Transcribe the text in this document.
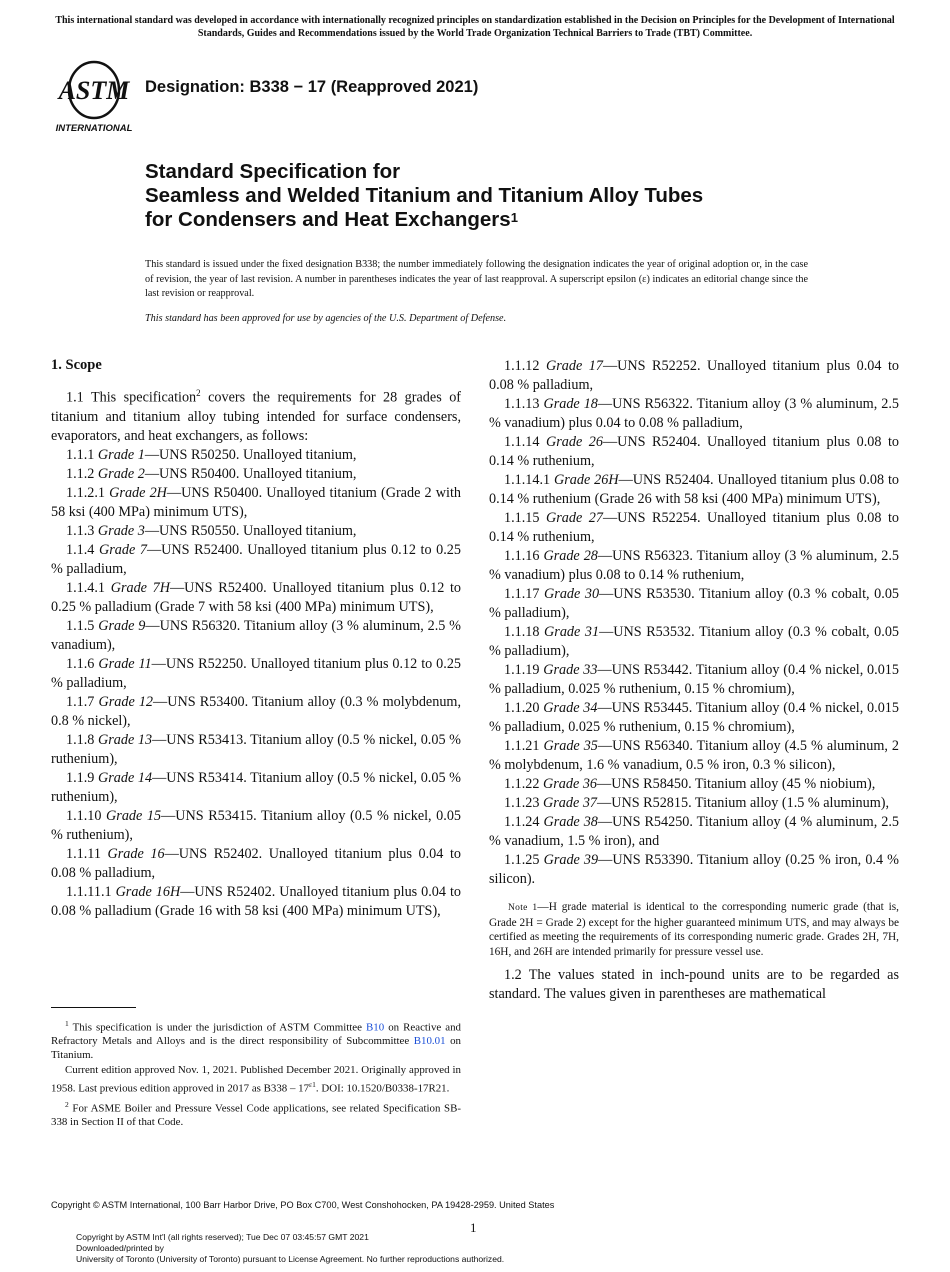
This international standard was developed in accordance with internationally recognized principles on standardization established in the Decision on Principles for the Development of International Standards, Guides and Recommendations issued by the World Trade Organization Technical Barriers to Trade (TBT) Committee.
ASTM
INTERNATIONAL
Designation: B338 − 17 (Reapproved 2021)
Standard Specification for
Seamless and Welded Titanium and Titanium Alloy Tubes
for Condensers and Heat Exchangers$^1$
This standard is issued under the fixed designation B338; the number immediately following the designation indicates the year of original adoption or, in the case of revision, the year of last revision. A number in parentheses indicates the year of last reapproval. A superscript epsilon (ε) indicates an editorial change since the last revision or reapproval.
This standard has been approved for use by agencies of the U.S. Department of Defense.
1. Scope

1.1 This specification$^2$ covers the requirements for 28 grades of titanium and titanium alloy tubing intended for surface condensers, evaporators, and heat exchangers, as follows:

1.1.1 Grade 1—UNS R50250. Unalloyed titanium,

1.1.2 Grade 2—UNS R50400. Unalloyed titanium,

1.1.2.1 Grade 2H—UNS R50400. Unalloyed titanium (Grade 2 with 58 ksi (400 MPa) minimum UTS),

1.1.3 Grade 3—UNS R50550. Unalloyed titanium,

1.1.4 Grade 7—UNS R52400. Unalloyed titanium plus 0.12 to 0.25 % palladium,

1.1.4.1 Grade 7H—UNS R52400. Unalloyed titanium plus 0.12 to 0.25 % palladium (Grade 7 with 58 ksi (400 MPa) minimum UTS),

1.1.5 Grade 9—UNS R56320. Titanium alloy (3 % aluminum, 2.5 % vanadium),

1.1.6 Grade 11—UNS R52250. Unalloyed titanium plus 0.12 to 0.25 % palladium,

1.1.7 Grade 12—UNS R53400. Titanium alloy (0.3 % molybdenum, 0.8 % nickel),

1.1.8 Grade 13—UNS R53413. Titanium alloy (0.5 % nickel, 0.05 % ruthenium),

1.1.9 Grade 14—UNS R53414. Titanium alloy (0.5 % nickel, 0.05 % ruthenium),

1.1.10 Grade 15—UNS R53415. Titanium alloy (0.5 % nickel, 0.05 % ruthenium),

1.1.11 Grade 16—UNS R52402. Unalloyed titanium plus 0.04 to 0.08 % palladium,

1.1.11.1 Grade 16H—UNS R52402. Unalloyed titanium plus 0.04 to 0.08 % palladium (Grade 16 with 58 ksi (400 MPa) minimum UTS),

1.1.12 Grade 17—UNS R52252. Unalloyed titanium plus 0.04 to 0.08 % palladium,

1.1.13 Grade 18—UNS R56322. Titanium alloy (3 % aluminum, 2.5 % vanadium) plus 0.04 to 0.08 % palladium,

1.1.14 Grade 26—UNS R52404. Unalloyed titanium plus 0.08 to 0.14 % ruthenium,

1.1.14.1 Grade 26H—UNS R52404. Unalloyed titanium plus 0.08 to 0.14 % ruthenium (Grade 26 with 58 ksi (400 MPa) minimum UTS),

1.1.15 Grade 27—UNS R52254. Unalloyed titanium plus 0.08 to 0.14 % ruthenium,

1.1.16 Grade 28—UNS R56323. Titanium alloy (3 % aluminum, 2.5 % vanadium) plus 0.08 to 0.14 % ruthenium,

1.1.17 Grade 30—UNS R53530. Titanium alloy (0.3 % cobalt, 0.05 % palladium),

1.1.18 Grade 31—UNS R53532. Titanium alloy (0.3 % cobalt, 0.05 % palladium),

1.1.19 Grade 33—UNS R53442. Titanium alloy (0.4 % nickel, 0.015 % palladium, 0.025 % ruthenium, 0.15 % chromium),

1.1.20 Grade 34—UNS R53445. Titanium alloy (0.4 % nickel, 0.015 % palladium, 0.025 % ruthenium, 0.15 % chromium),

1.1.21 Grade 35—UNS R56340. Titanium alloy (4.5 % aluminum, 2 % molybdenum, 1.6 % vanadium, 0.5 % iron, 0.3 % silicon),

1.1.22 Grade 36—UNS R58450. Titanium alloy (45 % niobium),

1.1.23 Grade 37—UNS R52815. Titanium alloy (1.5 % aluminum),

1.1.24 Grade 38—UNS R54250. Titanium alloy (4 % aluminum, 2.5 % vanadium, 1.5 % iron), and

1.1.25 Grade 39—UNS R53390. Titanium alloy (0.25 % iron, 0.4 % silicon).

Note 1—H grade material is identical to the corresponding numeric grade (that is, Grade 2H = Grade 2) except for the higher guaranteed minimum UTS, and may always be certified as meeting the requirements of its corresponding numeric grade. Grades 2H, 7H, 16H, and 26H are intended primarily for pressure vessel use.

1.2 The values stated in inch-pound units are to be regarded as standard. The values given in parentheses are mathematical

$^1$ This specification is under the jurisdiction of ASTM Committee B10 on Reactive and Refractory Metals and Alloys and is the direct responsibility of Subcommittee B10.01 on Titanium.

Current edition approved Nov. 1, 2021. Published December 2021. Originally approved in 1958. Last previous edition approved in 2017 as $B338 - 17^{\varepsilon 1}$. DOI: 10.1520/B0338-17R21.

$^2$ For ASME Boiler and Pressure Vessel Code applications, see related Specification SB-338 in Section II of that Code.

Copyright © ASTM International, 100 Barr Harbor Drive, PO Box C700, West Conshohocken, PA 19428-2959. United States
1
Copyright by ASTM Int'l (all rights reserved); Tue Dec 07 03:45:57 GMT 2021
Downloaded/printed by
University of Toronto (University of Toronto) pursuant to License Agreement. No further reproductions authorized.
